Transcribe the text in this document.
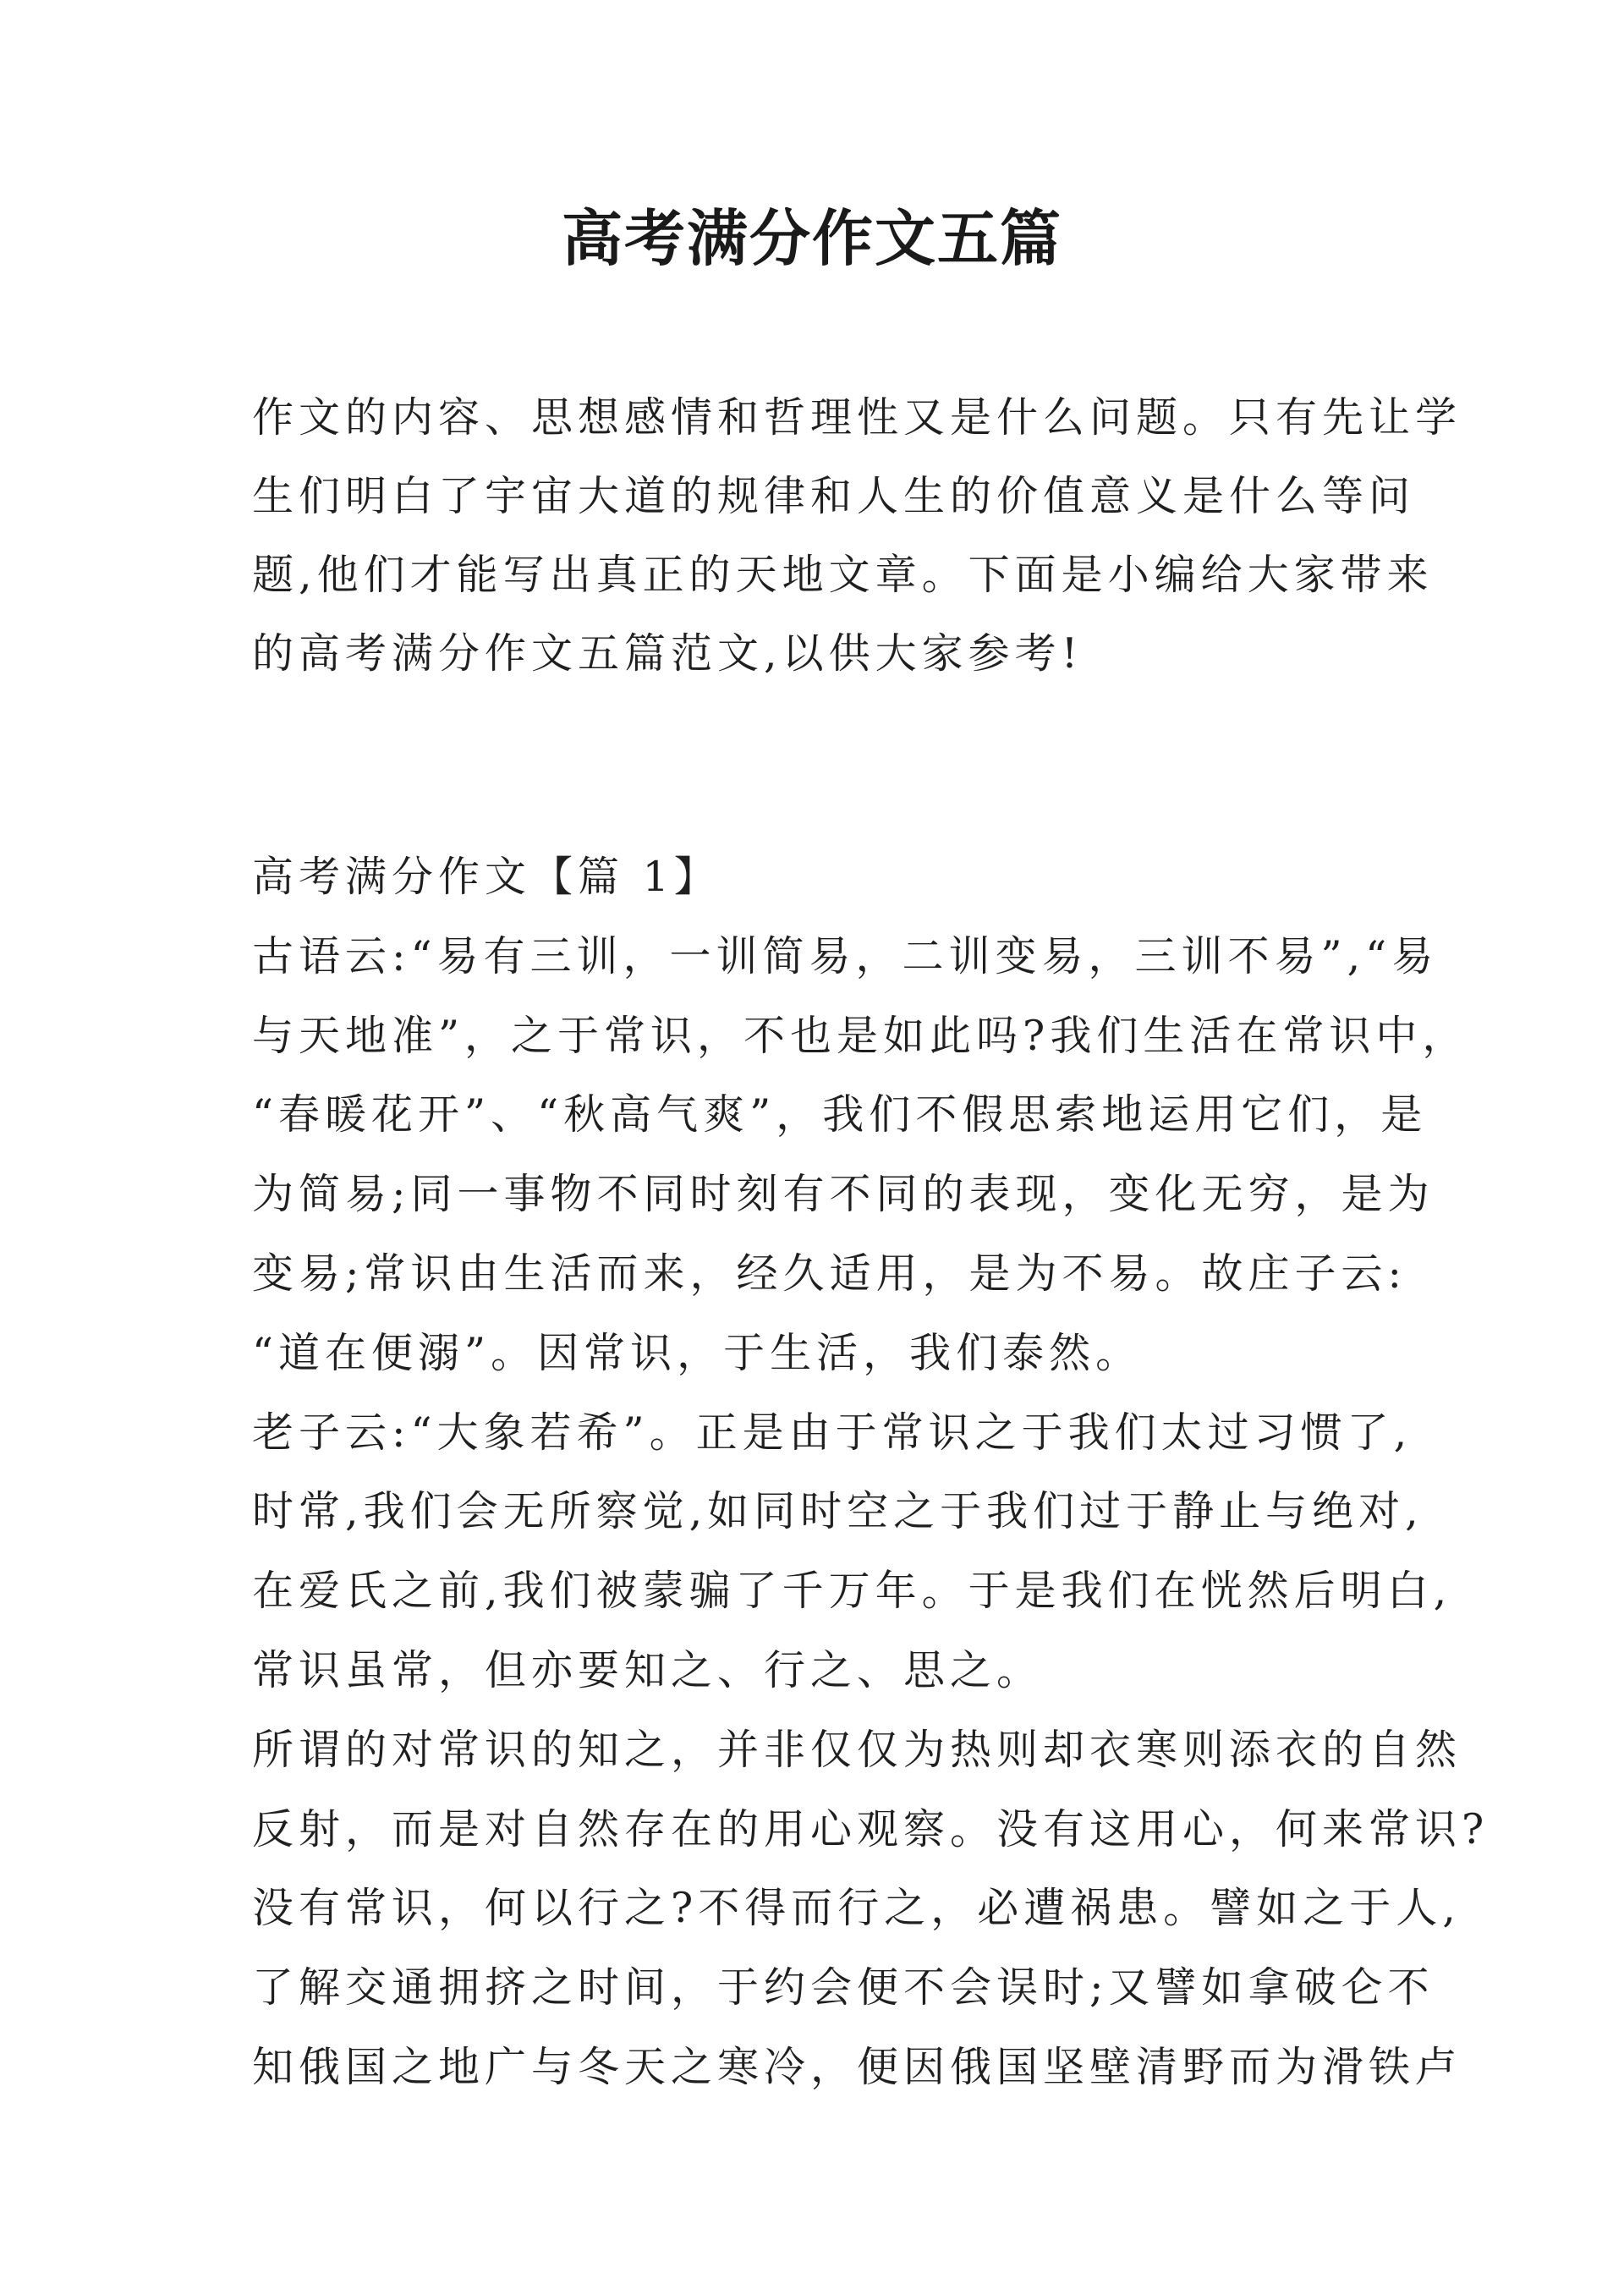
高考满分作文五篇
作文的内容、思想感情和哲理性又是什么问题。只有先让学
生们明白了宇宙大道的规律和人生的价值意义是什么等问
题,他们才能写出真正的天地文章。下面是小编给大家带来
的高考满分作文五篇范文,以供大家参考!
高考满分作文【篇 1】
古语云:“易有三训，一训简易，二训变易，三训不易”,“易
与天地准”，之于常识，不也是如此吗?我们生活在常识中，
“春暖花开”、“秋高气爽”，我们不假思索地运用它们，是
为简易;同一事物不同时刻有不同的表现，变化无穷，是为
变易;常识由生活而来，经久适用，是为不易。故庄子云:
“道在便溺”。因常识，于生活，我们泰然。
老子云:“大象若希”。正是由于常识之于我们太过习惯了,
时常,我们会无所察觉,如同时空之于我们过于静止与绝对,
在爱氏之前,我们被蒙骗了千万年。于是我们在恍然后明白,
常识虽常，但亦要知之、行之、思之。
所谓的对常识的知之，并非仅仅为热则却衣寒则添衣的自然
反射，而是对自然存在的用心观察。没有这用心，何来常识?
没有常识，何以行之?不得而行之，必遭祸患。譬如之于人,
了解交通拥挤之时间，于约会便不会误时;又譬如拿破仑不
知俄国之地广与冬天之寒冷，便因俄国坚壁清野而为滑铁卢
